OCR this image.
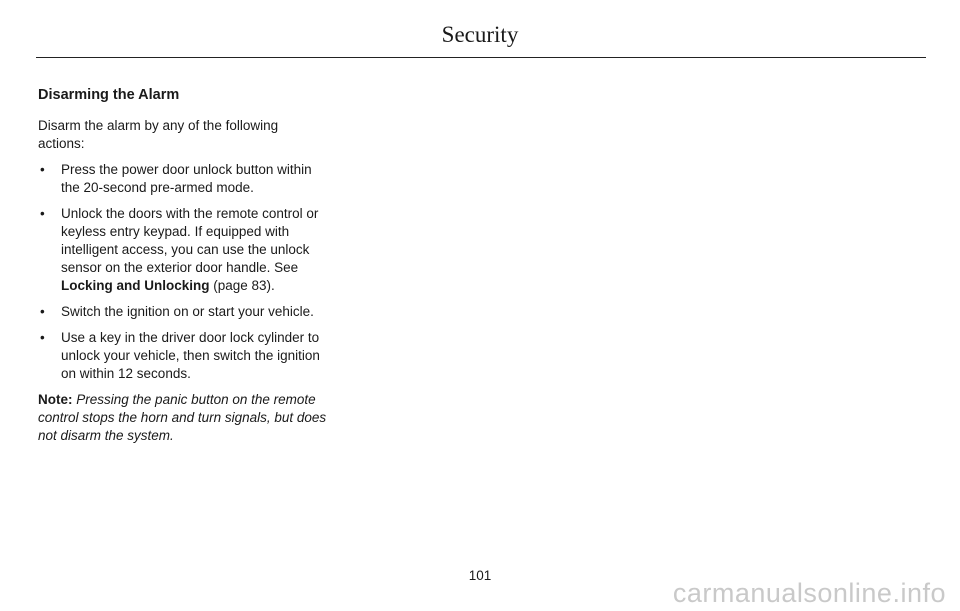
Security
Disarming the Alarm

Disarm the alarm by any of the following actions:

• Press the power door unlock button within the 20-second pre-armed mode.
• Unlock the doors with the remote control or keyless entry keypad. If equipped with intelligent access, you can use the unlock sensor on the exterior door handle. See Locking and Unlocking (page 83).
• Switch the ignition on or start your vehicle.
• Use a key in the driver door lock cylinder to unlock your vehicle, then switch the ignition on within 12 seconds.

Note: Pressing the panic button on the remote control stops the horn and turn signals, but does not disarm the system.

101
carmanualsonline.info
